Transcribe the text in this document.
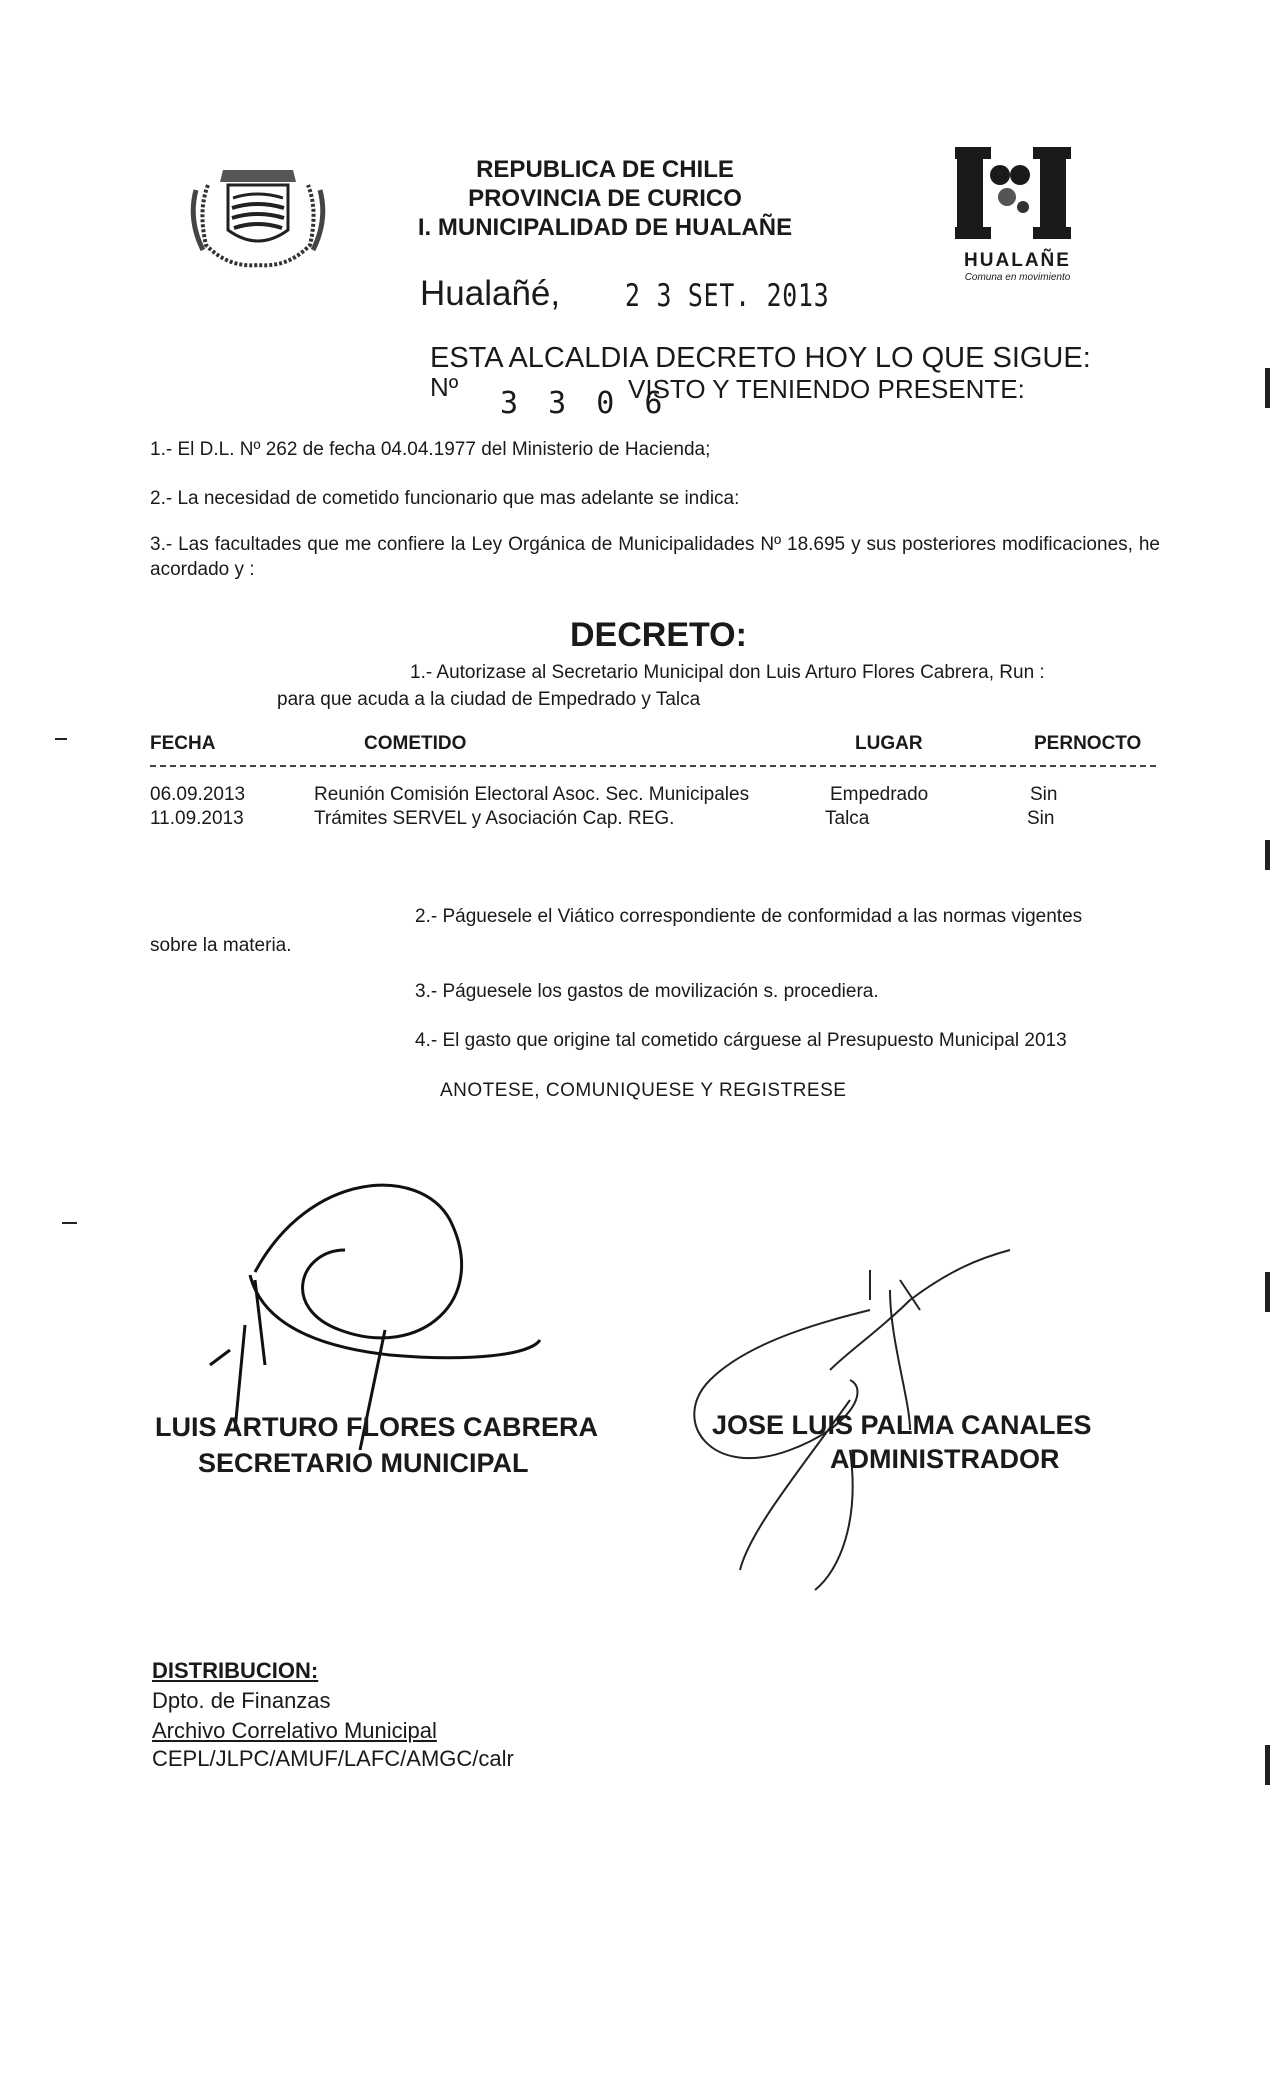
REPUBLICA DE CHILE
PROVINCIA DE CURICO
I. MUNICIPALIDAD DE HUALAÑE
HUALAÑE
Comuna en movimiento
Hualañé, 2 3 SET. 2013
ESTA ALCALDIA DECRETO HOY LO QUE SIGUE:
Nº 3 3 0 6
VISTO Y TENIENDO PRESENTE:
1.- El D.L. Nº 262 de fecha 04.04.1977 del Ministerio de Hacienda;
2.- La necesidad de cometido funcionario que mas adelante se indica:
3.- Las facultades que me confiere la Ley Orgánica de Municipalidades Nº 18.695 y sus posteriores modificaciones, he acordado y :
DECRETO:
1.- Autorizase al Secretario Municipal don Luis Arturo Flores Cabrera, Run :
para que acuda a la ciudad de Empedrado y Talca
FECHA	COMETIDO	LUGAR	PERNOCTO
06.09.2013	Reunión Comisión Electoral Asoc. Sec. Municipales	Empedrado	Sin
11.09.2013	Trámites SERVEL y Asociación Cap. REG.	Talca	Sin
2.- Páguesele el Viático correspondiente de conformidad a las normas vigentes
sobre la materia.
3.- Páguesele los gastos de movilización s. procediera.
4.- El gasto que origine tal cometido cárguese al Presupuesto Municipal 2013
ANOTESE, COMUNIQUESE Y REGISTRESE
LUIS ARTURO FLORES CABRERA
SECRETARIO MUNICIPAL
JOSE LUIS PALMA CANALES
ADMINISTRADOR
DISTRIBUCION:
Dpto. de Finanzas
Archivo Correlativo Municipal
CEPL/JLPC/AMUF/LAFC/AMGC/calr
